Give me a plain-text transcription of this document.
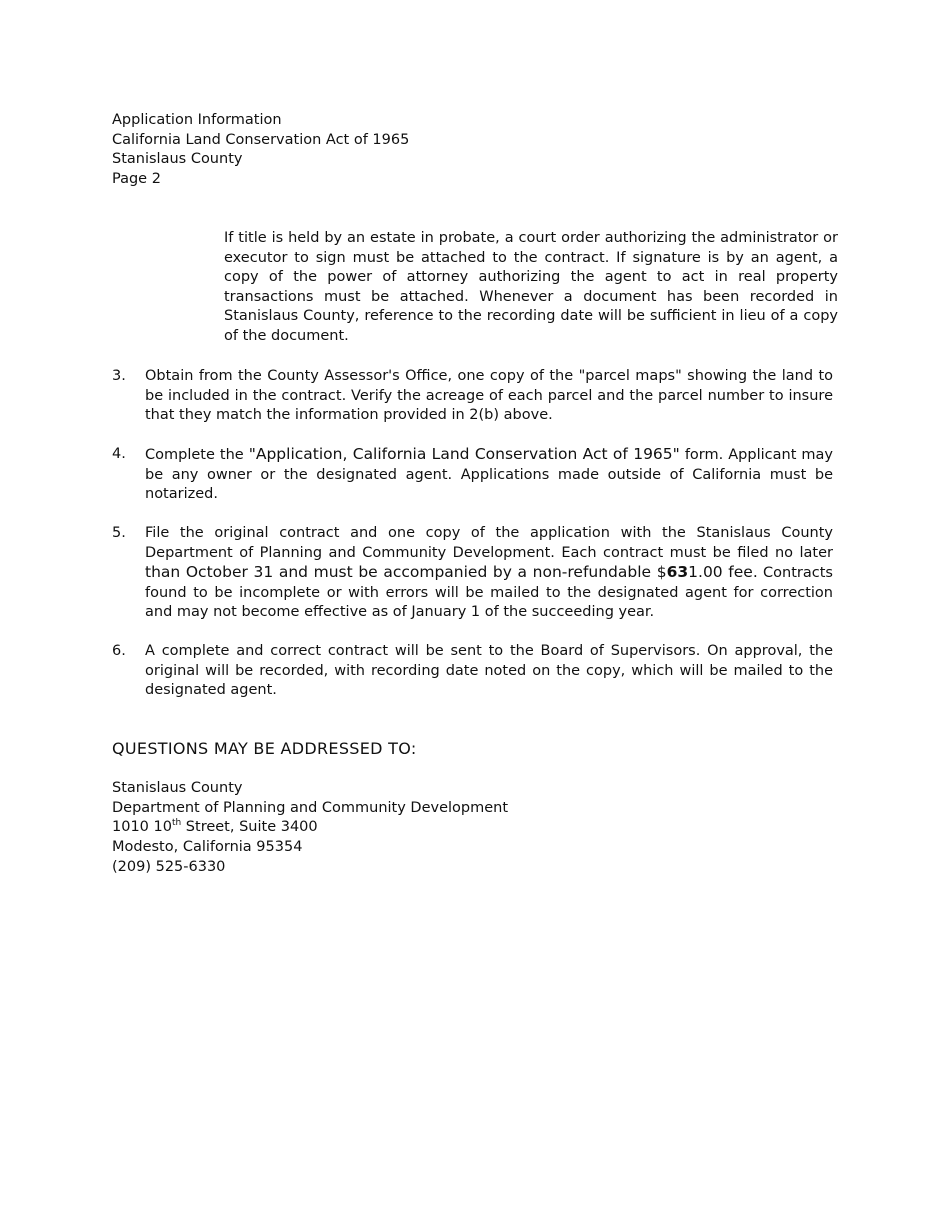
Application Information
California Land Conservation Act of 1965
Stanislaus County
Page 2
If title is held by an estate in probate, a court order authorizing the administrator or executor to sign must be attached to the contract. If signature is by an agent, a copy of the power of attorney authorizing the agent to act in real property transactions must be attached. Whenever a document has been recorded in Stanislaus County, reference to the recording date will be sufficient in lieu of a copy of the document.
3. Obtain from the County Assessor's Office, one copy of the "parcel maps" showing the land to be included in the contract. Verify the acreage of each parcel and the parcel number to insure that they match the information provided in 2(b) above.
4. Complete the "Application, California Land Conservation Act of 1965" form. Applicant may be any owner or the designated agent. Applications made outside of California must be notarized.
5. File the original contract and one copy of the application with the Stanislaus County Department of Planning and Community Development. Each contract must be filed no later than October 31 and must be accompanied by a non-refundable $631.00 fee. Contracts found to be incomplete or with errors will be mailed to the designated agent for correction and may not become effective as of January 1 of the succeeding year.
6. A complete and correct contract will be sent to the Board of Supervisors. On approval, the original will be recorded, with recording date noted on the copy, which will be mailed to the designated agent.
QUESTIONS MAY BE ADDRESSED TO:
Stanislaus County
Department of Planning and Community Development
1010 10th Street, Suite 3400
Modesto, California 95354
(209) 525-6330
